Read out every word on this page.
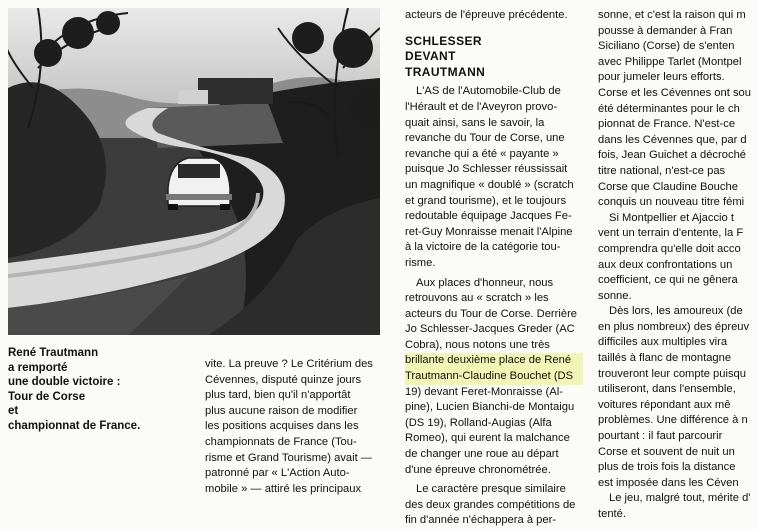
René Trautmann
a remporté
une double victoire :
Tour de Corse
et
championnat de France.
vite. La preuve ? Le Critérium des
Cévennes, disputé quinze jours
plus tard, bien qu'il n'apportât
plus aucune raison de modifier
les positions acquises dans les
championnats de France (Tou-
risme et Grand Tourisme) avait —
patronné par « L'Action Auto-
mobile » — attiré les principaux
acteurs de l'épreuve précédente.
SCHLESSER
DEVANT
TRAUTMANN
L'AS de l'Automobile-Club de
l'Hérault et de l'Aveyron provo-
quait ainsi, sans le savoir, la
revanche du Tour de Corse, une
revanche qui a été « payante »
puisque Jo Schlesser réussissait
un magnifique « doublé » (scratch
et grand tourisme), et le toujours
redoutable équipage Jacques Fe-
ret-Guy Monraisse menait l'Alpine
à la victoire de la catégorie tou-
risme.
Aux places d'honneur, nous
retrouvons au « scratch » les
acteurs du Tour de Corse. Derrière
Jo Schlesser-Jacques Greder (AC
Cobra), nous notons une très
brillante deuxième place de René
Trautmann-Claudine Bouchet (DS
19) devant Feret-Monraisse (Al-
pine), Lucien Bianchi-de Montaigu
(DS 19), Rolland-Augias (Alfa
Romeo), qui eurent la malchance
de changer une roue au départ
d'une épreuve chronométrée.
Le caractère presque similaire
des deux grandes compétitions de
fin d'année n'échappera à per-
sonne, et c'est la raison qui m
pousse à demander à Fran
Siciliano (Corse) de s'enten
avec Philippe Tarlet (Montpel
pour jumeler leurs efforts.
Corse et les Cévennes ont sou
été déterminantes pour le ch
pionnat de France. N'est-ce
dans les Cévennes que, par d
fois, Jean Guichet a décroché
titre national, n'est-ce pas
Corse que Claudine Bouche
conquis un nouveau titre fémi
Si Montpellier et Ajaccio t
vent un terrain d'entente, la F
comprendra qu'elle doit acco
aux deux confrontations un
coefficient, ce qui ne gênera
sonne.
Dès lors, les amoureux (de
en plus nombreux) des épreuv
difficiles aux multiples vira
taillés à flanc de montagne
trouveront leur compte puisqu
utiliseront, dans l'ensemble,
voitures répondant aux mê
problèmes. Une différence à n
pourtant : il faut parcourir
Corse et souvent de nuit un
plus de trois fois la distance
est imposée dans les Céven
Le jeu, malgré tout, mérite d'
tenté.
